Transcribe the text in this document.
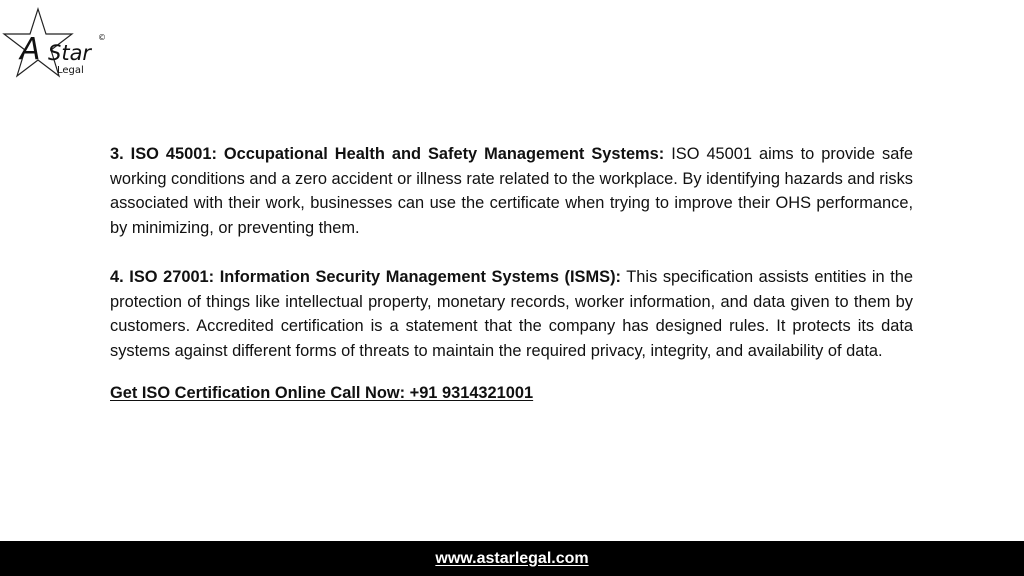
A Star
Legal
©

3. ISO 45001: Occupational Health and Safety Management Systems: ISO 45001 aims to provide safe working conditions and a zero accident or illness rate related to the workplace. By identifying hazards and risks associated with their work, businesses can use the certificate when trying to improve their OHS performance, by minimizing, or preventing them.

4. ISO 27001: Information Security Management Systems (ISMS): This specification assists entities in the protection of things like intellectual property, monetary records, worker information, and data given to them by customers. Accredited certification is a statement that the company has designed rules. It protects its data systems against different forms of threats to maintain the required privacy, integrity, and availability of data.

Get ISO Certification Online Call Now: +91 9314321001
www.astarlegal.com
